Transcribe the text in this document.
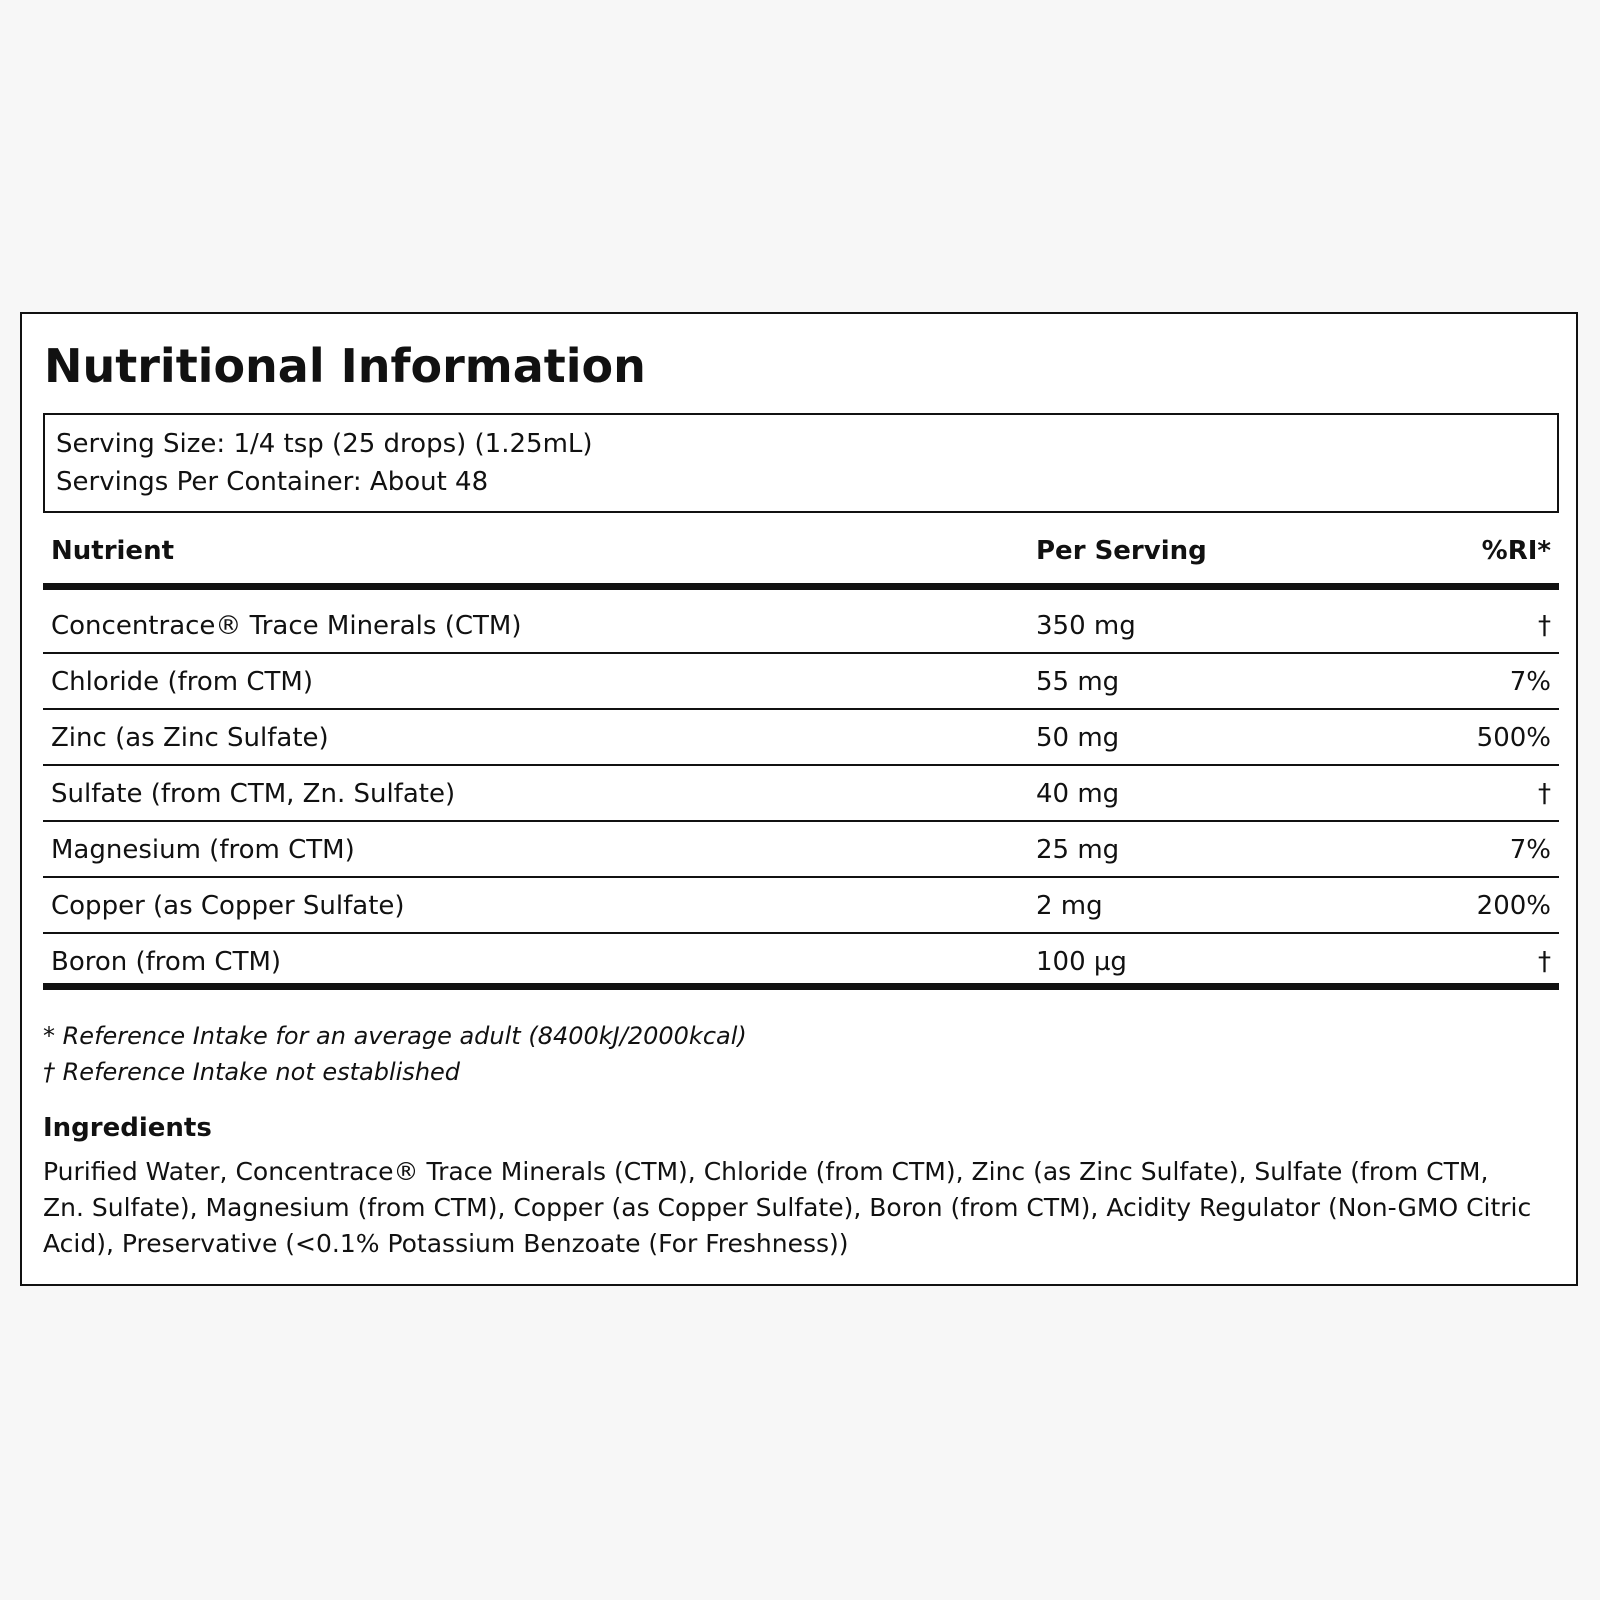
Nutritional Information
Serving Size: 1/4 tsp (25 drops) (1.25mL)
Servings Per Container: About 48
Nutrient	Per Serving	%RI*
Concentrace® Trace Minerals (CTM)	350 mg	†
Chloride (from CTM)	55 mg	7%
Zinc (as Zinc Sulfate)	50 mg	500%
Sulfate (from CTM, Zn. Sulfate)	40 mg	†
Magnesium (from CTM)	25 mg	7%
Copper (as Copper Sulfate)	2 mg	200%
Boron (from CTM)	100 µg	†
* Reference Intake for an average adult (8400kJ/2000kcal)
† Reference Intake not established
Ingredients

Purified Water, Concentrace® Trace Minerals (CTM), Chloride (from CTM), Zinc (as Zinc Sulfate), Sulfate (from CTM, Zn. Sulfate), Magnesium (from CTM), Copper (as Copper Sulfate), Boron (from CTM), Acidity Regulator (Non-GMO Citric Acid), Preservative (<0.1% Potassium Benzoate (For Freshness))
